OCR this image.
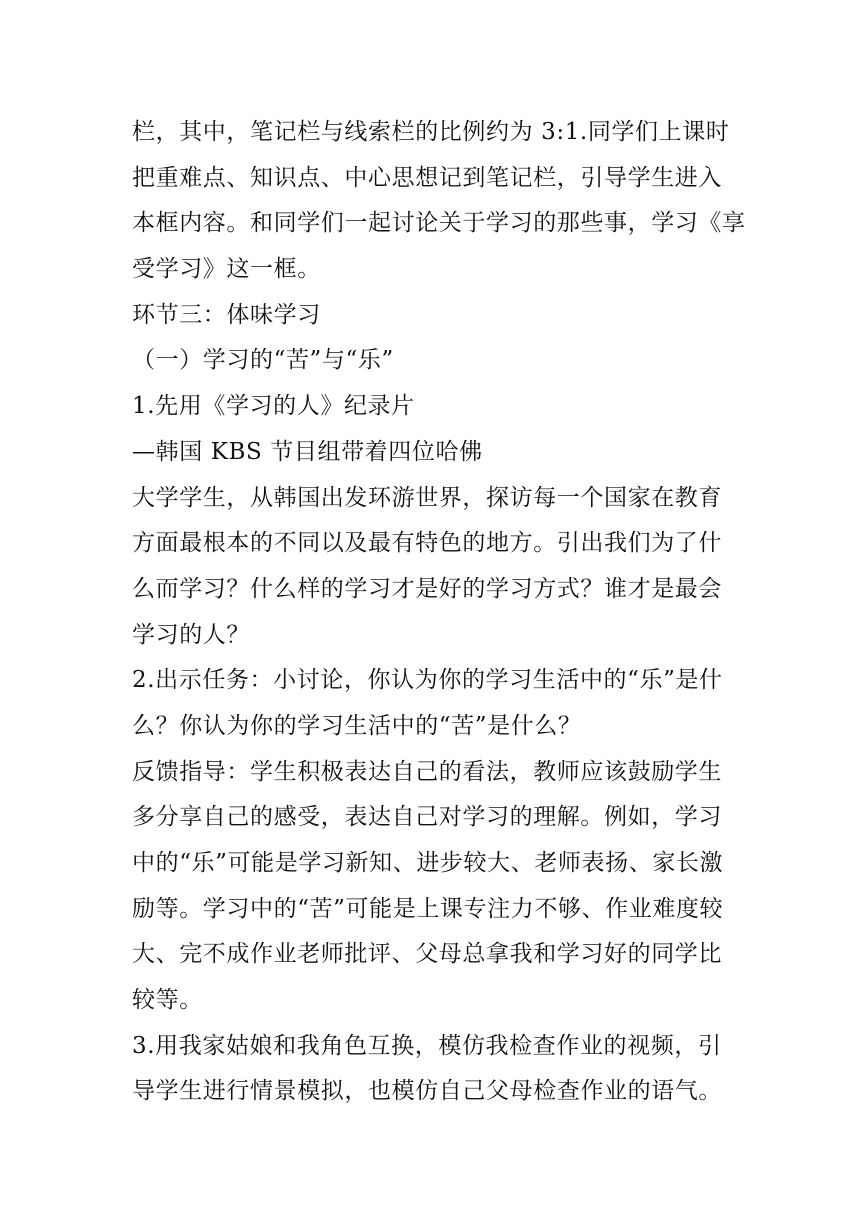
栏，其中，笔记栏与线索栏的比例约为 3:1.同学们上课时
把重难点、知识点、中心思想记到笔记栏，引导学生进入
本框内容。和同学们一起讨论关于学习的那些事，学习《享
受学习》这一框。
环节三：体味学习
（一）学习的“苦”与“乐”
1.先用《学习的人》纪录片
—韩国 KBS 节目组带着四位哈佛
大学学生，从韩国出发环游世界，探访每一个国家在教育
方面最根本的不同以及最有特色的地方。引出我们为了什
么而学习？什么样的学习才是好的学习方式？谁才是最会
学习的人？
2.出示任务：小讨论，你认为你的学习生活中的“乐”是什
么？你认为你的学习生活中的“苦”是什么？
反馈指导：学生积极表达自己的看法，教师应该鼓励学生
多分享自己的感受，表达自己对学习的理解。例如，学习
中的“乐”可能是学习新知、进步较大、老师表扬、家长激
励等。学习中的“苦”可能是上课专注力不够、作业难度较
大、完不成作业老师批评、父母总拿我和学习好的同学比
较等。
3.用我家姑娘和我角色互换，模仿我检查作业的视频，引
导学生进行情景模拟，也模仿自己父母检查作业的语气。
